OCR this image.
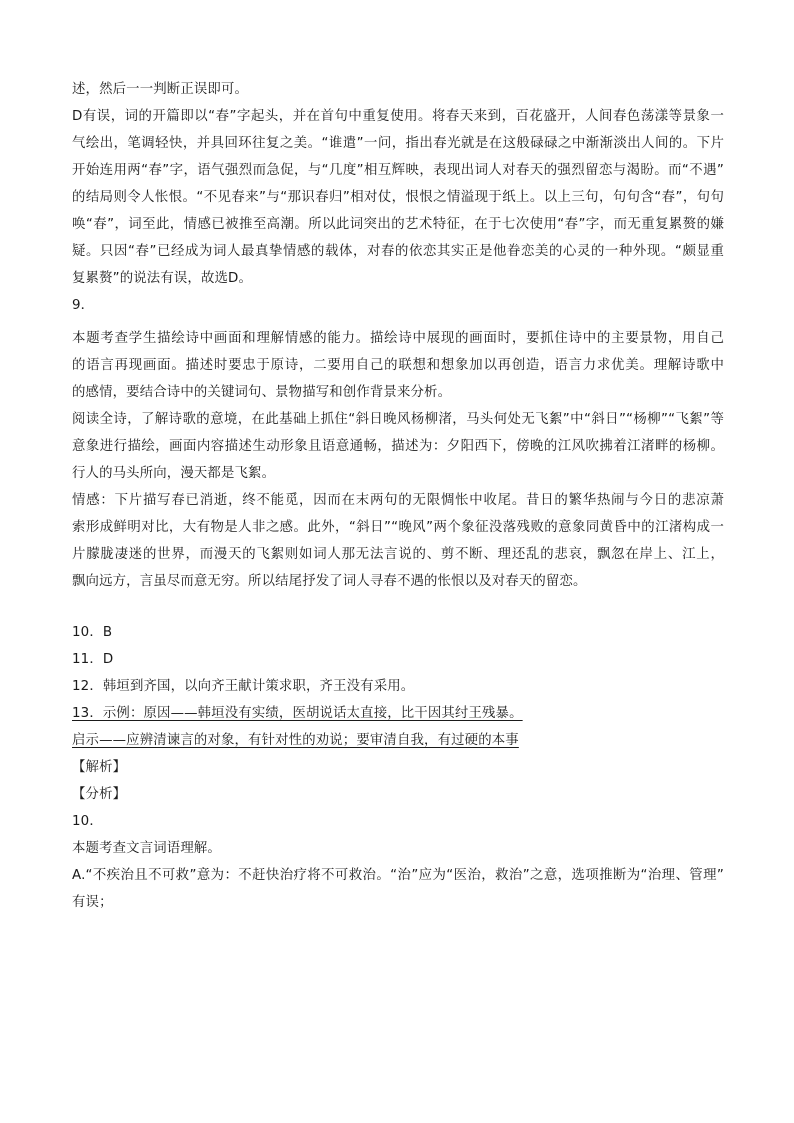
述，然后一一判断正误即可。
D有误，词的开篇即以“春”字起头，并在首句中重复使用。将春天来到，百花盛开，人间春色荡漾等景象一
气绘出，笔调轻快，并具回环往复之美。“谁遣”一问，指出春光就是在这般碌碌之中渐渐淡出人间的。下片
开始连用两“春”字，语气强烈而急促，与“几度”相互辉映，表现出词人对春天的强烈留恋与渴盼。而“不遇”
的结局则令人怅恨。“不见春来”与“那识春归”相对仗，恨恨之情溢现于纸上。以上三句，句句含“春”，句句
唤“春”，词至此，情感已被推至高潮。所以此词突出的艺术特征，在于七次使用“春”字，而无重复累赘的嫌
疑。只因“春”已经成为词人最真挚情感的载体，对春的依恋其实正是他眷恋美的心灵的一种外现。“颇显重
复累赘”的说法有误，故选D。
9．
本题考查学生描绘诗中画面和理解情感的能力。描绘诗中展现的画面时，要抓住诗中的主要景物，用自己
的语言再现画面。描述时要忠于原诗，二要用自己的联想和想象加以再创造，语言力求优美。理解诗歌中
的感情，要结合诗中的关键词句、景物描写和创作背景来分析。
阅读全诗，了解诗歌的意境，在此基础上抓住“斜日晚风杨柳渚，马头何处无飞絮”中“斜日”“杨柳”“飞絮”等
意象进行描绘，画面内容描述生动形象且语意通畅，描述为：夕阳西下，傍晚的江风吹拂着江渚畔的杨柳。
行人的马头所向，漫天都是飞絮。
情感：下片描写春已消逝，终不能觅，因而在末两句的无限惆怅中收尾。昔日的繁华热闹与今日的悲凉萧
索形成鲜明对比，大有物是人非之感。此外，“斜日”“晚风”两个象征没落残败的意象同黄昏中的江渚构成一
片朦胧凄迷的世界，而漫天的飞絮则如词人那无法言说的、剪不断、理还乱的悲哀，飘忽在岸上、江上，
飘向远方，言虽尽而意无穷。所以结尾抒发了词人寻春不遇的怅恨以及对春天的留恋。
10．B
11．D
12．韩垣到齐国，以向齐王献计策求职，齐王没有采用。
13．示例：原因——韩垣没有实绩，医胡说话太直接，比干因其纣王残暴。
启示——应辨清谏言的对象，有针对性的劝说；要审清自我，有过硬的本事
【解析】
【分析】
10．
本题考查文言词语理解。
A.“不疾治且不可救”意为：不赶快治疗将不可救治。“治”应为“医治，救治”之意，选项推断为“治理、管理”
有误；
